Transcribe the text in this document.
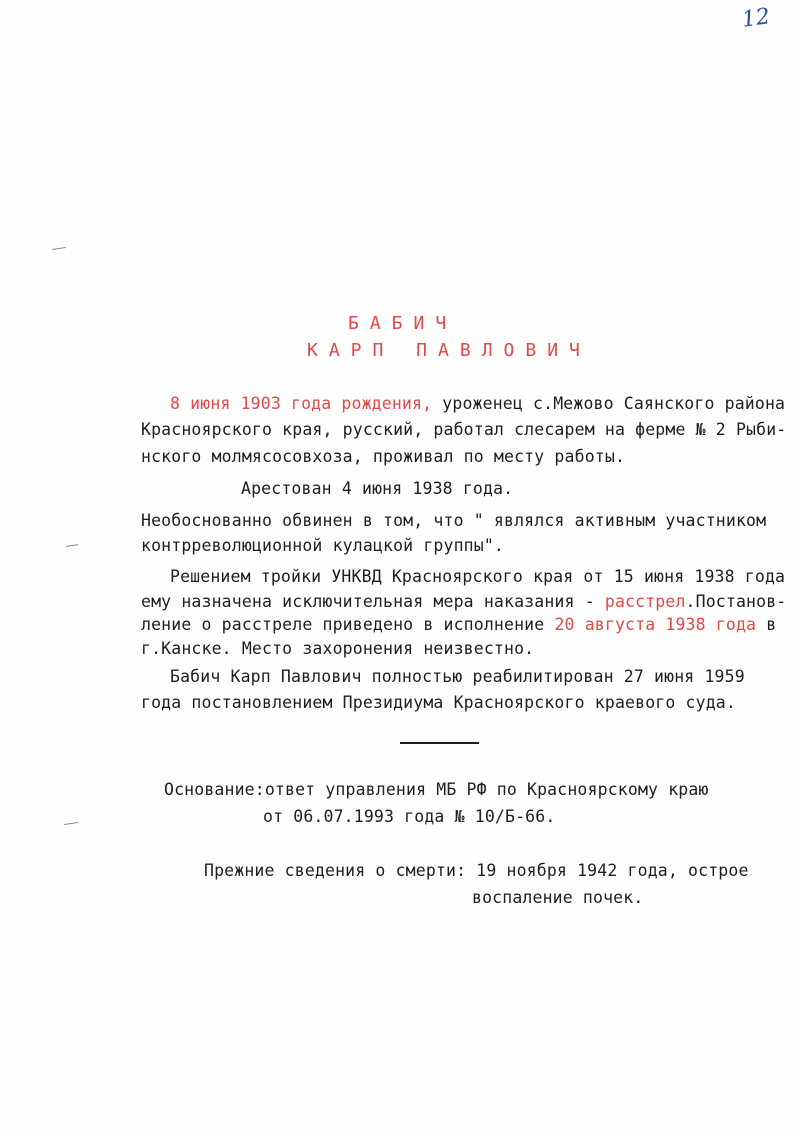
12
БАБИЧ
КАРП ПАВЛОВИЧ
8 июня 1903 года рождения, уроженец с.Межово Саянского района
Красноярского края, русский, работал слесарем на ферме № 2 Рыби-
нского молмясосовхоза, проживал по месту работы.
Арестован 4 июня 1938 года.
Необоснованно обвинен в том, что " являлся активным участником
контрреволюционной кулацкой группы".
Решением тройки УНКВД Красноярского края от 15 июня 1938 года
ему назначена исключительная мера наказания - расстрел.Постанов-
ление о расстреле приведено в исполнение 20 августа 1938 года в
г.Канске. Место захоронения неизвестно.
Бабич Карп Павлович полностью реабилитирован 27 июня 1959
года постановлением Президиума Красноярского краевого суда.
Основание:ответ управления МБ РФ по Красноярскому краю
от 06.07.1993 года № 10/Б-66.
Прежние сведения о смерти: 19 ноября 1942 года, острое
воспаление почек.
